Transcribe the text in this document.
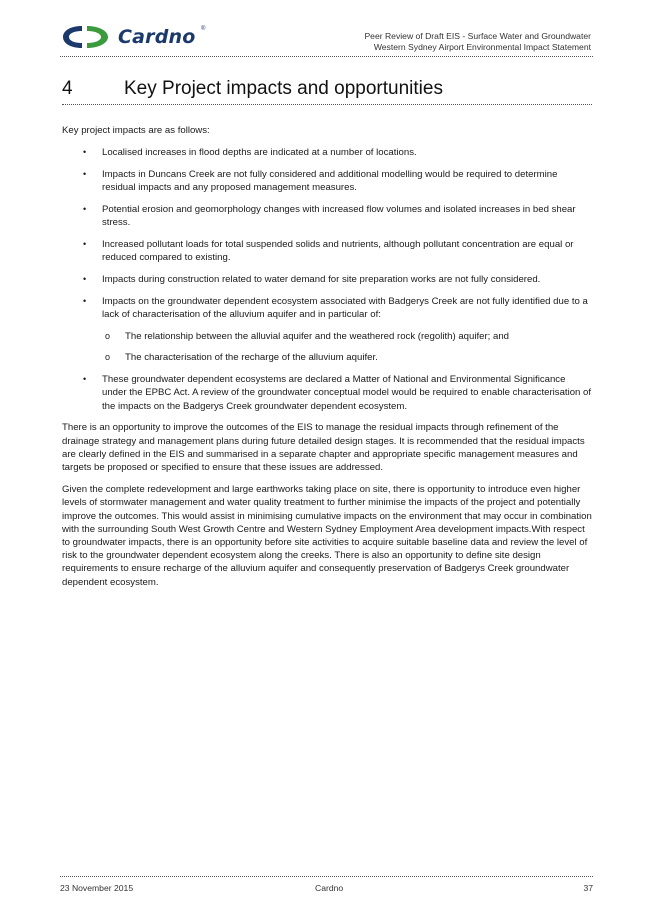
Cardno ®
Peer Review of Draft EIS - Surface Water and Groundwater
Western Sydney Airport Environmental Impact Statement
4	Key Project impacts and opportunities

Key project impacts are as follows:

• Localised increases in flood depths are indicated at a number of locations.
• Impacts in Duncans Creek are not fully considered and additional modelling would be required to determine residual impacts and any proposed management measures.
• Potential erosion and geomorphology changes with increased flow volumes and isolated increases in bed shear stress.
• Increased pollutant loads for total suspended solids and nutrients, although pollutant concentration are equal or reduced compared to existing.
• Impacts during construction related to water demand for site preparation works are not fully considered.
• Impacts on the groundwater dependent ecosystem associated with Badgerys Creek are not fully identified due to a lack of characterisation of the alluvium aquifer and in particular of:
o The relationship between the alluvial aquifer and the weathered rock (regolith) aquifer; and
o The characterisation of the recharge of the alluvium aquifer.
• These groundwater dependent ecosystems are declared a Matter of National and Environmental Significance under the EPBC Act. A review of the groundwater conceptual model would be required to enable characterisation of the impacts on the Badgerys Creek groundwater dependent ecosystem.

There is an opportunity to improve the outcomes of the EIS to manage the residual impacts through refinement of the drainage strategy and management plans during future detailed design stages. It is recommended that the residual impacts are clearly defined in the EIS and summarised in a separate chapter and appropriate specific management measures and targets be proposed or specified to ensure that these issues are addressed.

Given the complete redevelopment and large earthworks taking place on site, there is opportunity to introduce even higher levels of stormwater management and water quality treatment to further minimise the impacts of the project and potentially improve the outcomes. This would assist in minimising cumulative impacts on the environment that may occur in combination with the surrounding South West Growth Centre and Western Sydney Employment Area development impacts.With respect to groundwater impacts, there is an opportunity before site activities to acquire suitable baseline data and review the level of risk to the groundwater dependent ecosystem along the creeks. There is also an opportunity to define site design requirements to ensure recharge of the alluvium aquifer and consequently preservation of Badgerys Creek groundwater dependent ecosystem.

23 November 2015	Cardno	37
